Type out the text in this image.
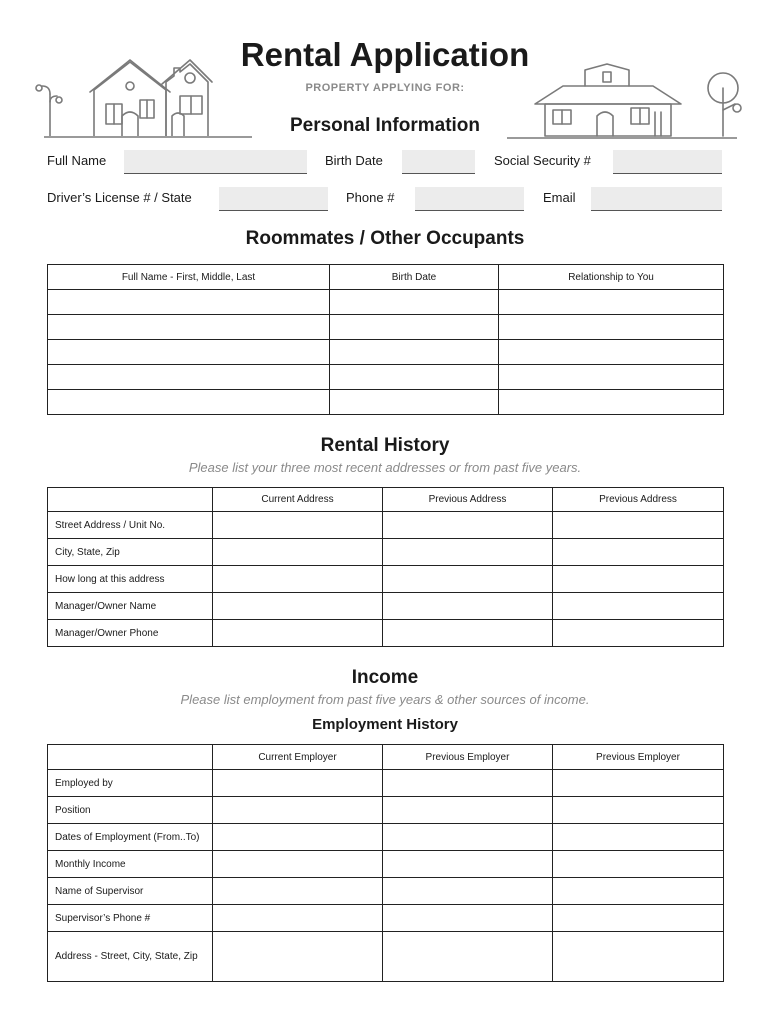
Rental Application
PROPERTY APPLYING FOR:
Personal Information
Full Name	Birth Date	Social Security #
Driver’s License # / State	Phone #	Email
Roommates / Other Occupants
Full Name - First, Middle, Last	Birth Date	Relationship to You

Rental History
Please list your three most recent addresses or from past five years.
	Current Address	Previous Address	Previous Address
Street Address / Unit No.	

City, State, Zip	

How long at this address	

Manager/Owner Name	

Manager/Owner Phone	

Income
Please list employment from past five years & other sources of income.
Employment History
	Current Employer	Previous Employer	Previous Employer
Employed by	

Position	

Dates of Employment (From..To)	

Monthly Income	

Name of Supervisor	

Supervisor’s Phone #	

Address - Street, City, State, Zip	
